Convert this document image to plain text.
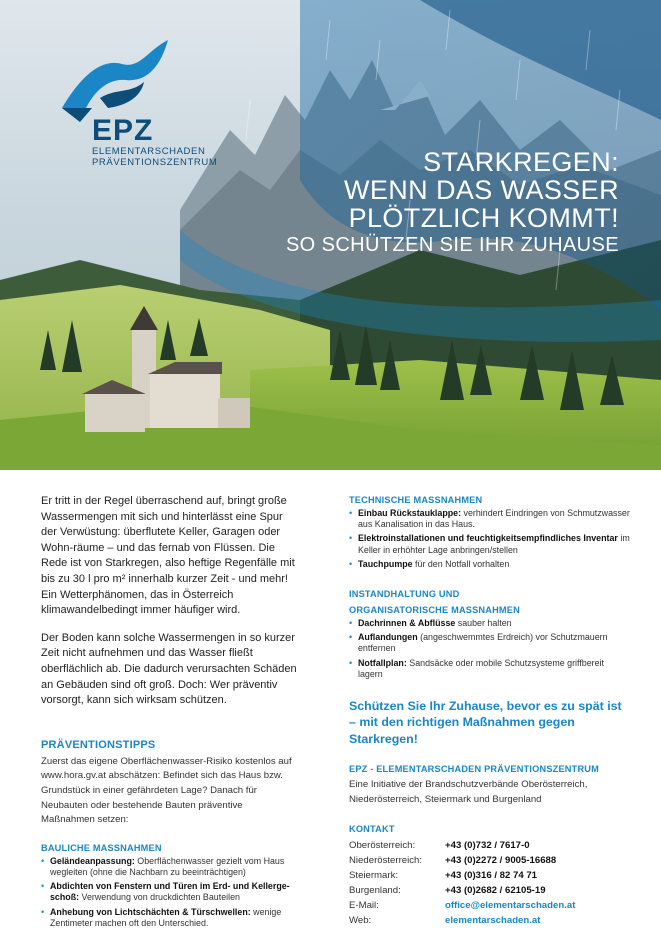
EPZ
ELEMENTARSCHADEN
PRÄVENTIONSZENTRUM	STARKREGEN:
WENN DAS WASSER
PLÖTZLICH KOMMT!
SO SCHÜTZEN SIE IHR ZUHAUSE

Er tritt in der Regel überraschend auf, bringt große Wassermengen mit sich und hinterlässt eine Spur der Verwüstung: überflutete Keller, Garagen oder Wohn-räume – und das fernab von Flüssen. Die Rede ist von Starkregen, also heftige Regenfälle mit bis zu 30 l pro m² innerhalb kurzer Zeit - und mehr! Ein Wetterphänomen, das in Österreich klimawandelbedingt immer häufiger wird.

Der Boden kann solche Wassermengen in so kurzer Zeit nicht aufnehmen und das Wasser fließt oberflächlich ab. Die dadurch verursachten Schäden an Gebäuden sind oft groß. Doch: Wer präventiv vorsorgt, kann sich wirksam schützen.

PRÄVENTIONSTIPPS

Zuerst das eigene Oberflächenwasser-Risiko kostenlos auf www.hora.gv.at abschätzen: Befindet sich das Haus bzw. Grundstück in einer gefährdeten Lage? Danach für Neubauten oder bestehende Bauten präventive Maßnahmen setzen:

BAULICHE MASSNAHMEN
• Geländeanpassung: Oberflächenwasser gezielt vom Haus wegleiten (ohne die Nachbarn zu beeinträchtigen)
• Abdichten von Fenstern und Türen im Erd- und Kellerge-schoß: Verwendung von druckdichten Bauteilen
• Anhebung von Lichtschächten & Türschwellen: wenige Zentimeter machen oft den Unterschied.
TECHNISCHE MASSNAHMEN
• Einbau Rückstauklappe: verhindert Eindringen von Schmutzwasser aus Kanalisation in das Haus.
• Elektroinstallationen und feuchtigkeitsempfindliches Inventar im Keller in erhöhter Lage anbringen/stellen
• Tauchpumpe für den Notfall vorhalten
INSTANDHALTUNG UND
ORGANISATORISCHE MASSNAHMEN
• Dachrinnen & Abflüsse sauber halten
• Auflandungen (angeschwemmtes Erdreich) vor Schutzmauern entfernen
• Notfallplan: Sandsäcke oder mobile Schutzsysteme griffbereit lagern

Schützen Sie Ihr Zuhause, bevor es zu spät ist – mit den richtigen Maßnahmen gegen Starkregen!

EPZ - ELEMENTARSCHADEN PRÄVENTIONSZENTRUM

Eine Initiative der Brandschutzverbände Oberösterreich, Niederösterreich, Steiermark und Burgenland

KONTAKT
Oberösterreich:	+43 (0)732 / 7617-0
Niederösterreich:	+43 (0)2272 / 9005-16688
Steiermark:	+43 (0)316 / 82 74 71
Burgenland:	+43 (0)2682 / 62105-19
E-Mail:	office@elementarschaden.at
Web:	elementarschaden.at
